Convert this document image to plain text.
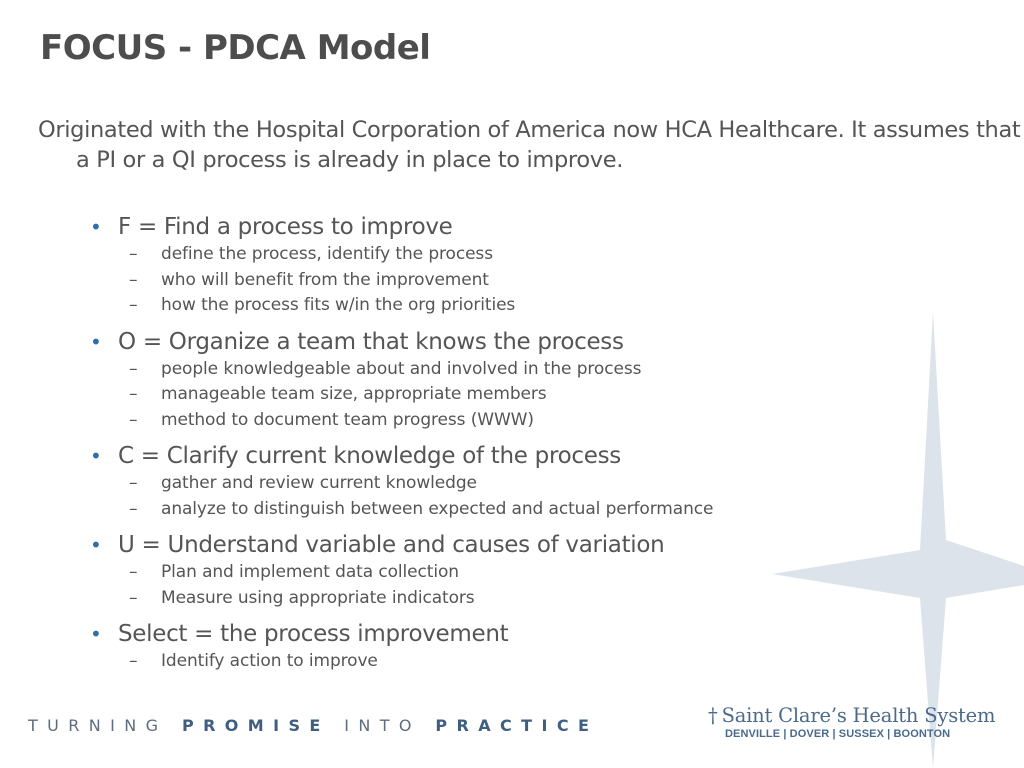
FOCUS - PDCA Model

Originated with the Hospital Corporation of America now HCA Healthcare. It assumes that a PI or a QI process is already in place to improve.

• F = Find a process to improve
– define the process, identify the process
– who will benefit from the improvement
– how the process fits w/in the org priorities
• O = Organize a team that knows the process
– people knowledgeable about and involved in the process
– manageable team size, appropriate members
– method to document team progress (WWW)
• C = Clarify current knowledge of the process
– gather and review current knowledge
– analyze to distinguish between expected and actual performance
• U = Understand variable and causes of variation
– Plan and implement data collection
– Measure using appropriate indicators
• Select = the process improvement
– Identify action to improve

TURNING PROMISE INTO PRACTICE	† Saint Clare’s Health System
DENVILLE | DOVER | SUSSEX | BOONTON
